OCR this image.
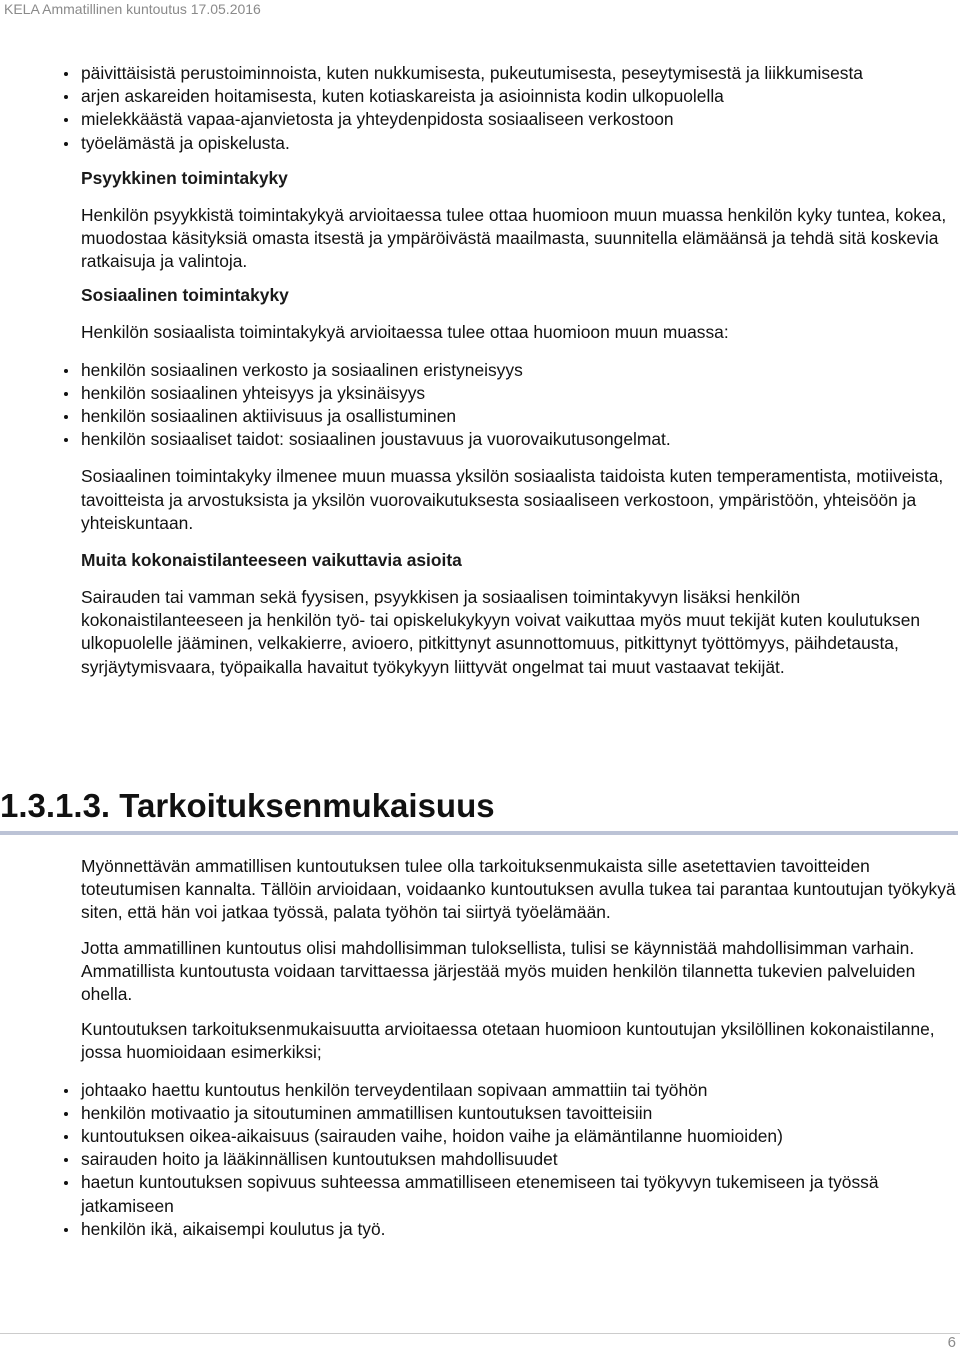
KELA Ammatillinen kuntoutus 17.05.2016
päivittäisistä perustoiminnoista, kuten nukkumisesta, pukeutumisesta, peseytymisestä ja liikkumisesta
arjen askareiden hoitamisesta, kuten kotiaskareista ja asioinnista kodin ulkopuolella
mielekkäästä vapaa-ajanvietosta ja yhteydenpidosta sosiaaliseen verkostoon
työelämästä ja opiskelusta.
Psyykkinen toimintakyky

Henkilön psyykkistä toimintakykyä arvioitaessa tulee ottaa huomioon muun muassa henkilön kyky tuntea, kokea, muodostaa käsityksiä omasta itsestä ja ympäröivästä maailmasta, suunnitella elämäänsä ja tehdä sitä koskevia ratkaisuja ja valintoja.

Sosiaalinen toimintakyky

Henkilön sosiaalista toimintakykyä arvioitaessa tulee ottaa huomioon muun muassa:

henkilön sosiaalinen verkosto ja sosiaalinen eristyneisyys
henkilön sosiaalinen yhteisyys ja yksinäisyys
henkilön sosiaalinen aktiivisuus ja osallistuminen
henkilön sosiaaliset taidot: sosiaalinen joustavuus ja vuorovaikutusongelmat.

Sosiaalinen toimintakyky ilmenee muun muassa yksilön sosiaalista taidoista kuten temperamentista, motiiveista, tavoitteista ja arvostuksista ja yksilön vuorovaikutuksesta sosiaaliseen verkostoon, ympäristöön, yhteisöön ja yhteiskuntaan.

Muita kokonaistilanteeseen vaikuttavia asioita

Sairauden tai vamman sekä fyysisen, psyykkisen ja sosiaalisen toimintakyvyn lisäksi henkilön kokonaistilanteeseen ja henkilön työ- tai opiskelukykyyn voivat vaikuttaa myös muut tekijät kuten koulutuksen ulkopuolelle jääminen, velkakierre, avioero, pitkittynyt asunnottomuus, pitkittynyt työttömyys, päihdetausta, syrjäytymisvaara, työpaikalla havaitut työkykyyn liittyvät ongelmat tai muut vastaavat tekijät.

1.3.1.3. Tarkoituksenmukaisuus

Myönnettävän ammatillisen kuntoutuksen tulee olla tarkoituksenmukaista sille asetettavien tavoitteiden toteutumisen kannalta. Tällöin arvioidaan, voidaanko kuntoutuksen avulla tukea tai parantaa kuntoutujan työkykyä siten, että hän voi jatkaa työssä, palata työhön tai siirtyä työelämään.

Jotta ammatillinen kuntoutus olisi mahdollisimman tuloksellista, tulisi se käynnistää mahdollisimman varhain. Ammatillista kuntoutusta voidaan tarvittaessa järjestää myös muiden henkilön tilannetta tukevien palveluiden ohella.

Kuntoutuksen tarkoituksenmukaisuutta arvioitaessa otetaan huomioon kuntoutujan yksilöllinen kokonaistilanne, jossa huomioidaan esimerkiksi;

johtaako haettu kuntoutus henkilön terveydentilaan sopivaan ammattiin tai työhön
henkilön motivaatio ja sitoutuminen ammatillisen kuntoutuksen tavoitteisiin
kuntoutuksen oikea-aikaisuus (sairauden vaihe, hoidon vaihe ja elämäntilanne huomioiden)
sairauden hoito ja lääkinnällisen kuntoutuksen mahdollisuudet
haetun kuntoutuksen sopivuus suhteessa ammatilliseen etenemiseen tai työkyvyn tukemiseen ja työssä jatkamiseen
henkilön ikä, aikaisempi koulutus ja työ.
6
